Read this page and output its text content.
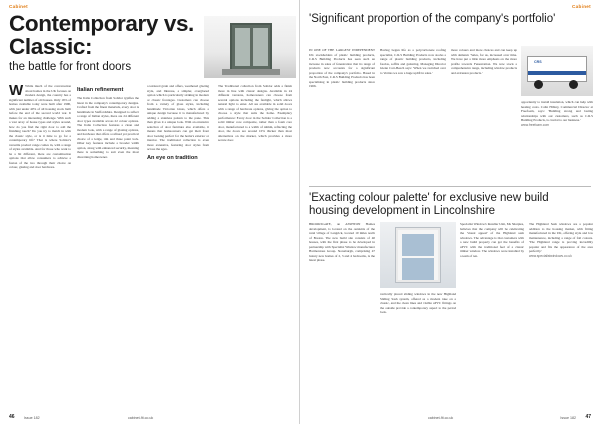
Cabinet
Contemporary vs. Classic:
the battle for front doors
W While much of the conversation about homes in the UK focuses on modern design, the country has a significant number of old houses. Only 16% of homes available today were built after 1990, with just under 40% of all housing stock built before the end of the second world war. It makes for an interesting challenge. With such a vast array of house types and styles around, how do you find the right door to add the finishing touch? Do you try to match in with the classic style, or is it time to go for a contemporary lift? That is where Solidor's versatile product range comes in, with a range of styles available. And for those who want to be a bit different, there are customisation options that allow consumers to achieve a fusion of the two through their choice on colour, glazing and door hardware.
Italian refinement
The Italia Collection from Solidor typifies the latest in the company's contemporary designs. Crafted from the finest materials, every door is handmade in Staffordshire. Designed to reflect a range of Italian styles, there are 24 different door types available across 22 colour options. The Italia Collection features a clean and modern look, with a range of glazing options, and hardware that offers a refined yet practical choice of a ledge, rim and three point lock. Other key features include a broader width option, along with enhanced security, meaning there is something to suit even the most discerning homeowner.
a textured grain and offers, weathered glazing style, and Ilkstone, a simpler, overglazed option which is particularly striking in modern or classic frontages. Customers can choose from a variety of glass styles, including handmade Victorian Glass, which offers a unique design because it is manufactured by adding a stainless pattern to the pane. This then gives it a unique look. With an extensive selection of door furniture also available, it means that homeowners can get their front door looking perfect for the home's exterior or interior. The traditional collection is even more extensive, featuring door styles from across the ages.
An eye on tradition
The Traditional collection from Solidor adds a finish more in line with classic designs. Available in 24 different versions, homeowners can choose from several options including the fanlight, which allows natural light to enter. All are available in solid doors with a range of hardware options, giving the option to choose a style that suits the home. Exemplary performance: Every door in the Solidor Collection is a solid timber core composite, rather than a foam core door, manufactured to a width of 44mm, reflecting the door, the doors are around 10% thicker than most alternatives on the market, which provides a more secure door.
46	Issue 182	cabinet-fit.co.uk
Cabinet
'Significant proportion of the company's portfolio'
IN ONE OF THE LARGEST INDEPENDENT UK stockholders of plastic building products, C.R.S Building Products has seen such an increase in sales of fenestration that its range of products now accounts for a significant proportion of the company's portfolio. Based in the North East, C.R.S Building Products has been specialising in plastic building products since 1966.
Having begun life as a polycarbonate roofing specialist, C.R.S Building Products now stocks a range of plastic building products, including fascias, soffits and guttering. Managing Director Glenn Carr-Beech says: 'When we switched over to Veritas we saw a huge uplift in sales.'
more colours and more choices and can keep up with demand. 'Sales, for us, increased over time. We have put a little more emphasis on the more profile towards Fenestration. We now stock a comprehensive range, including window products and extrusion products.'
CRS
opportunity to install insulation, which can help with heating costs. Colin Hillary, Commercial Director at Freefoam, says: 'Building strong and lasting relationships with our customers, such as C.R.S Building Products, is crucial to our business.'
www.freefoam.com
'Exacting colour palette' for exclusive new build housing development in Lincolnshire
BROOKSGATE, an ASSHTON Homes development, is located on the outskirts of the rural village of Langrick, located 10 miles north of Boston. The new build site consists of 40 houses, with the first phase to be developed in partnership with Specialist Window manufacturer Harmonious Group. Stoneburgh, comprising 47 luxury new homes of 2, 3 and 4 bedrooms, is the latest phase.
vertically placed sliding windows in the new Highland Sliding Sash system, offered as a modern take on a classic, and the clean lines and visible uPVC fittings on the outside provide a contemporary aspect to the period look.
Specialist Window's Installer Unit, Ms Sharples, believes that the company will be celebrating the 'visual appeal' of the Highland sash windows. The advantage is that customers with a new build property can get the benefits of uPVC with the traditional feel of a classic timber window. The windows were installed by a team of ten.
The Highland Sash windows are a popular addition to the housing market, with fitting manufactured in the UK, offering style and low maintenance, including a range of foil colours. 'The Highland range is proving incredibly popular and fits the appearance of the area perfectly.'
www.specialistwindows.co.uk
cabinet-fit.co.uk	Issue 182 47
